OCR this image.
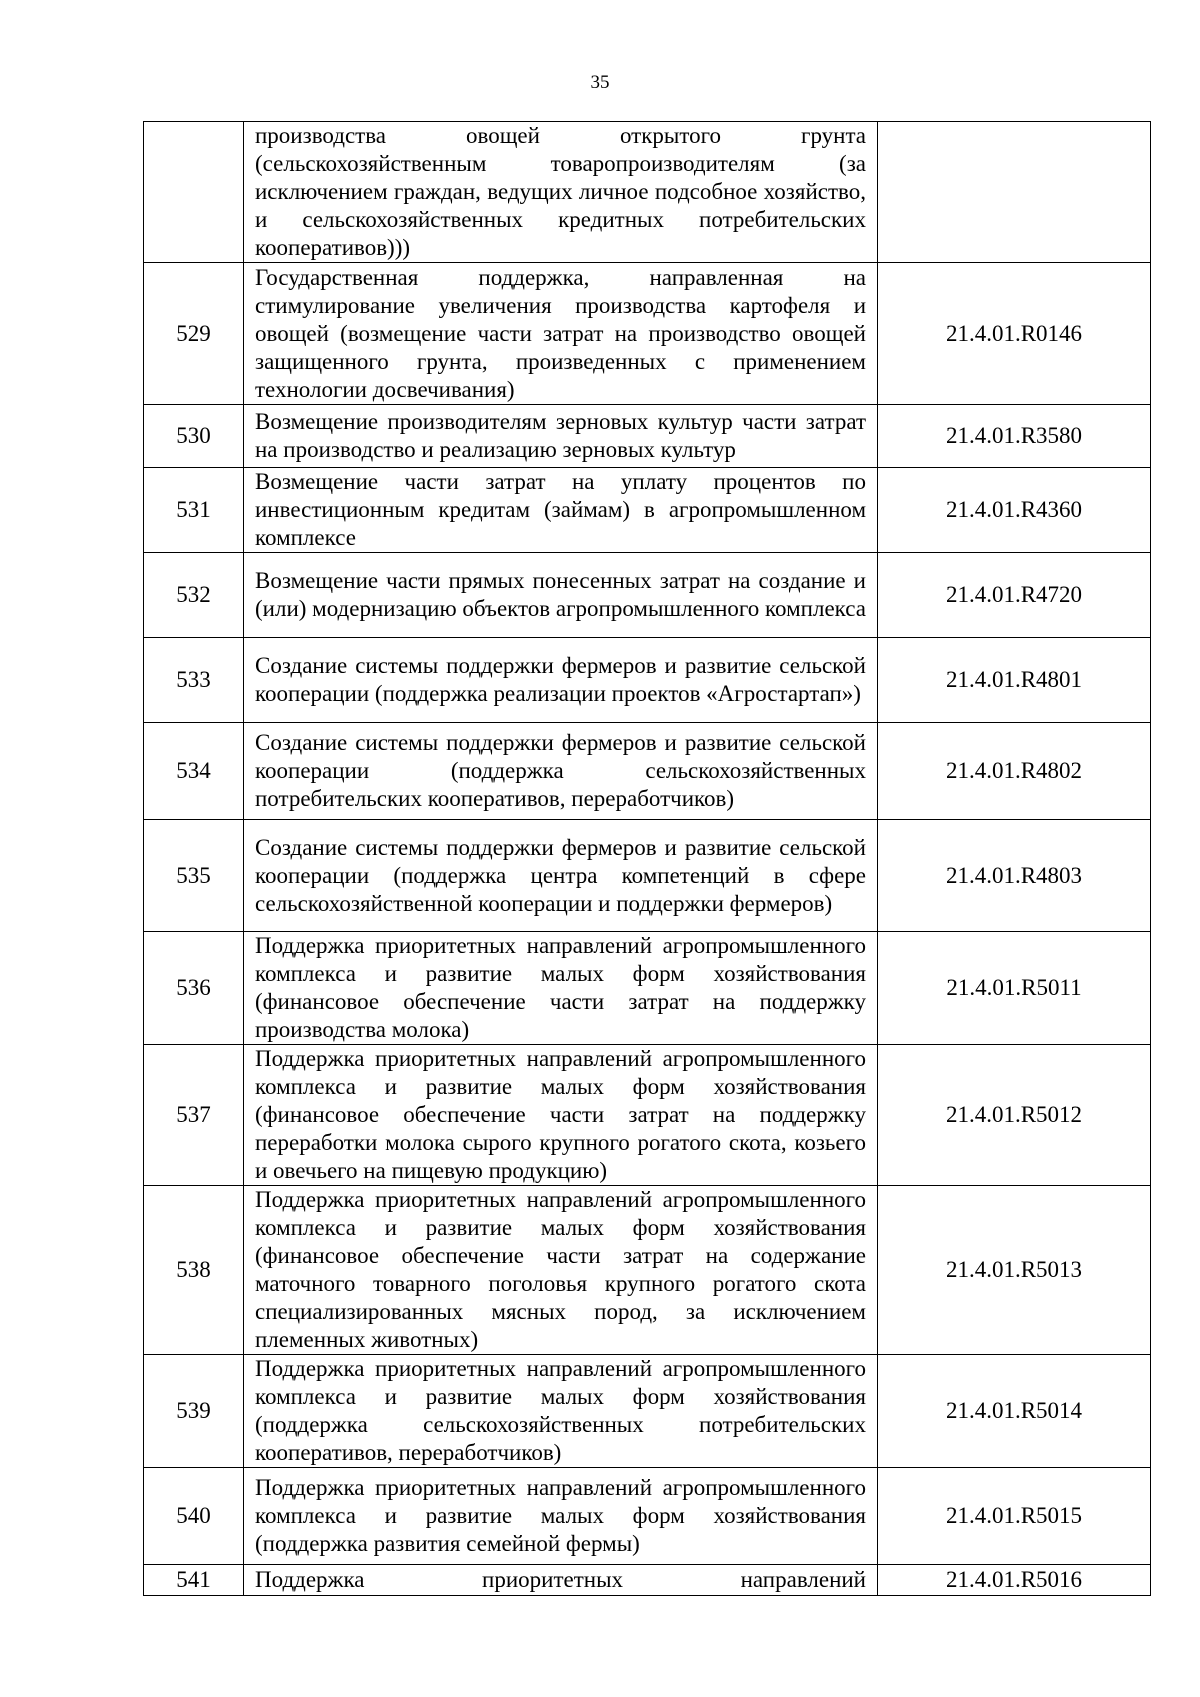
35
	производства овощей открытого грунта (сельскохозяйственным товаропроизводителям (за исключением граждан, ведущих личное подсобное хозяйство, и сельскохозяйственных кредитных потребительских кооперативов)))	
529	Государственная поддержка, направленная на стимулирование увеличения производства картофеля и овощей (возмещение части затрат на производство овощей защищенного грунта, произведенных с применением технологии досвечивания)	21.4.01.R0146
530	Возмещение производителям зерновых культур части затрат на производство и реализацию зерновых культур	21.4.01.R3580
531	Возмещение части затрат на уплату процентов по инвестиционным кредитам (займам) в агропромышленном комплексе	21.4.01.R4360
532	Возмещение части прямых понесенных затрат на создание и (или) модернизацию объектов агропромышленного комплекса	21.4.01.R4720
533	Создание системы поддержки фермеров и развитие сельской кооперации (поддержка реализации проектов «Агростартап»)	21.4.01.R4801
534	Создание системы поддержки фермеров и развитие сельской кооперации (поддержка сельскохозяйственных потребительских кооперативов, переработчиков)	21.4.01.R4802
535	Создание системы поддержки фермеров и развитие сельской кооперации (поддержка центра компетенций в сфере сельскохозяйственной кооперации и поддержки фермеров)	21.4.01.R4803
536	Поддержка приоритетных направлений агропромышленного комплекса и развитие малых форм хозяйствования (финансовое обеспечение части затрат на поддержку производства молока)	21.4.01.R5011
537	Поддержка приоритетных направлений агропромышленного комплекса и развитие малых форм хозяйствования (финансовое обеспечение части затрат на поддержку переработки молока сырого крупного рогатого скота, козьего и овечьего на пищевую продукцию)	21.4.01.R5012
538	Поддержка приоритетных направлений агропромышленного комплекса и развитие малых форм хозяйствования (финансовое обеспечение части затрат на содержание маточного товарного поголовья крупного рогатого скота специализированных мясных пород, за исключением племенных животных)	21.4.01.R5013
539	Поддержка приоритетных направлений агропромышленного комплекса и развитие малых форм хозяйствования (поддержка сельскохозяйственных потребительских кооперативов, переработчиков)	21.4.01.R5014
540	Поддержка приоритетных направлений агропромышленного комплекса и развитие малых форм хозяйствования (поддержка развития семейной фермы)	21.4.01.R5015
541	Поддержка приоритетных направлений	21.4.01.R5016
